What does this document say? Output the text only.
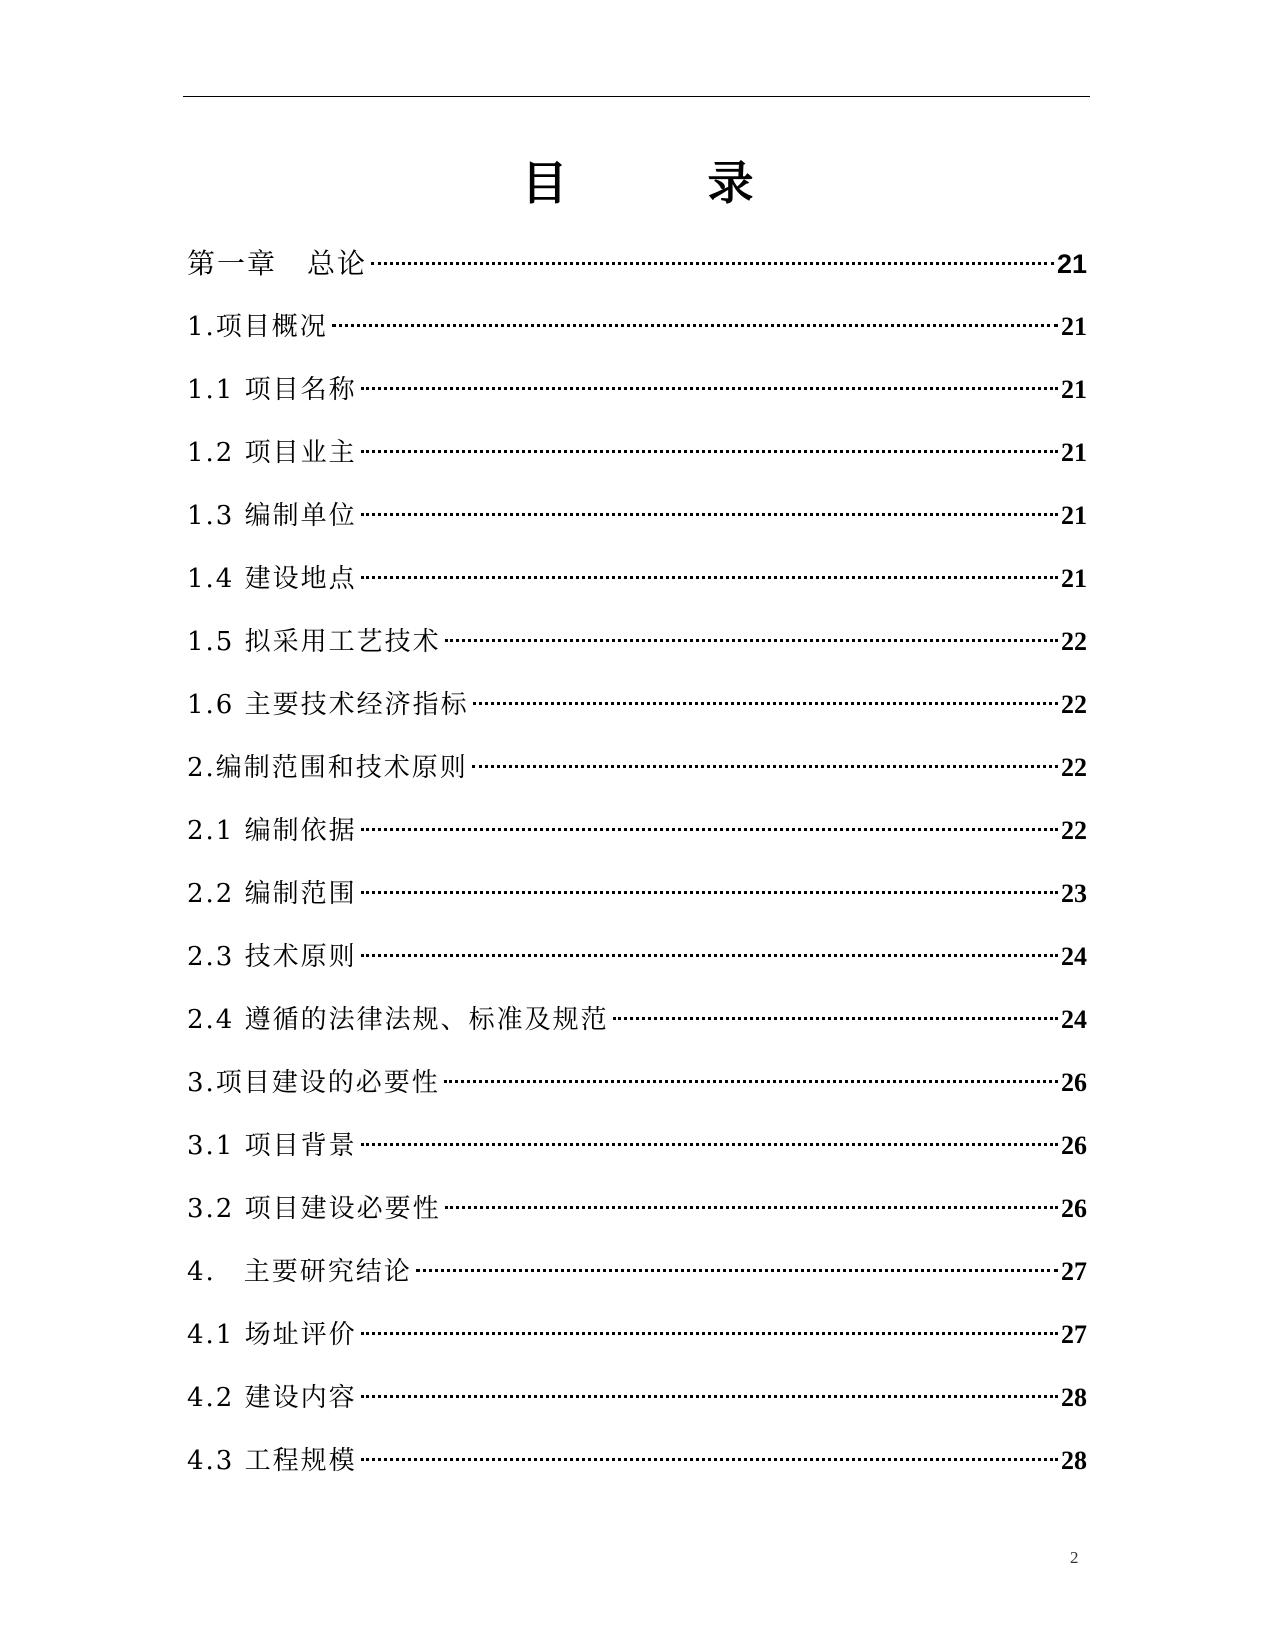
目 录
第一章　总论	21
1.项目概况	21
1.1 项目名称	21
1.2 项目业主	21
1.3 编制单位	21
1.4 建设地点	21
1.5 拟采用工艺技术	22
1.6 主要技术经济指标	22
2.编制范围和技术原则	22
2.1 编制依据	22
2.2 编制范围	23
2.3 技术原则	24
2.4 遵循的法律法规、标准及规范	24
3.项目建设的必要性	26
3.1 项目背景	26
3.2 项目建设必要性	26
4.　主要研究结论	27
4.1 场址评价	27
4.2 建设内容	28
4.3 工程规模	28
2
